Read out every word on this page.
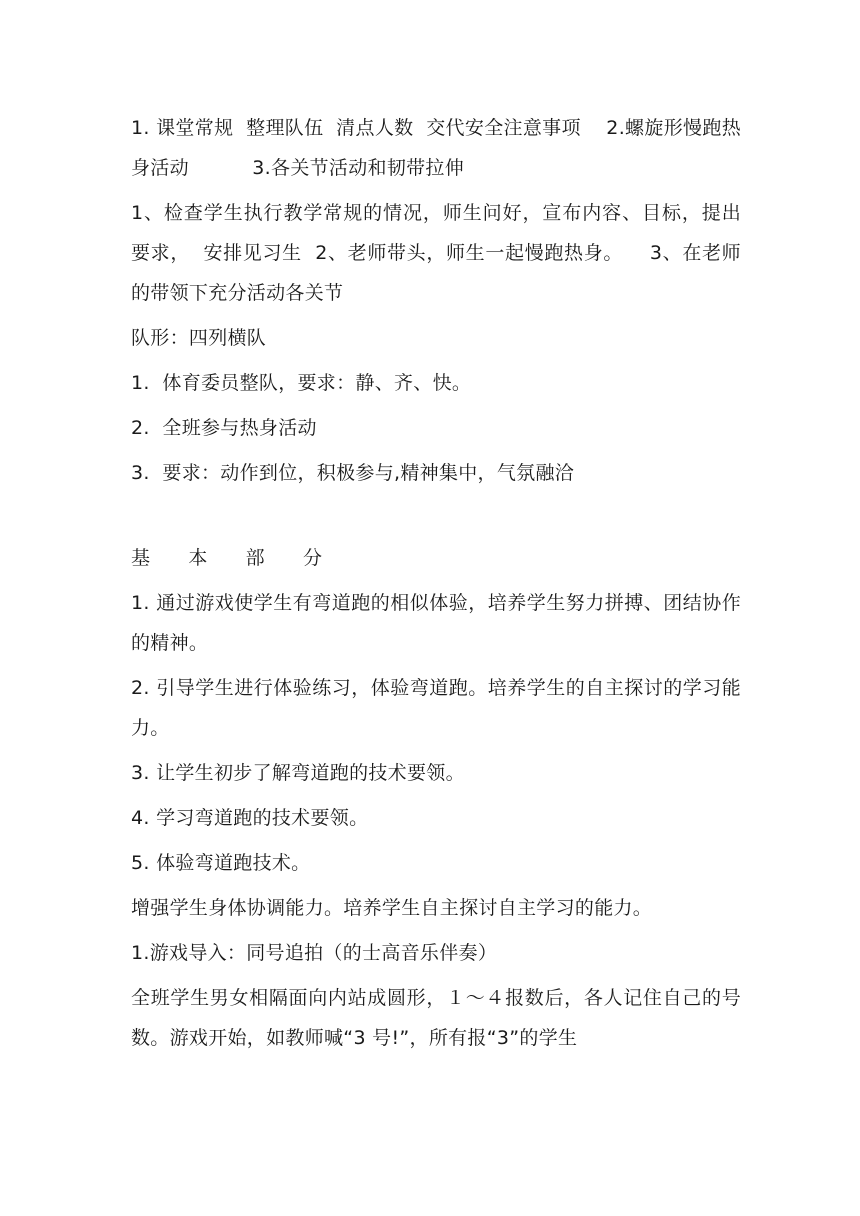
1. 课堂常规  整理队伍  清点人数  交代安全注意事项    2.螺旋形慢跑热身活动          3.各关节活动和韧带拉伸

1、检查学生执行教学常规的情况，师生问好，宣布内容、目标，提出要求，  安排见习生  2、老师带头，师生一起慢跑热身。    3、在老师的带领下充分活动各关节

队形：四列横队

1.  体育委员整队，要求：静、齐、快。

2.  全班参与热身活动

3.  要求：动作到位，积极参与,精神集中，气氛融洽

基      本      部      分

1. 通过游戏使学生有弯道跑的相似体验，培养学生努力拼搏、团结协作的精神。

2. 引导学生进行体验练习，体验弯道跑。培养学生的自主探讨的学习能力。

3. 让学生初步了解弯道跑的技术要领。

4. 学习弯道跑的技术要领。

5. 体验弯道跑技术。

增强学生身体协调能力。培养学生自主探讨自主学习的能力。

1.游戏导入：同号追拍（的士高音乐伴奏）

全班学生男女相隔面向内站成圆形，１～４报数后，各人记住自己的号数。游戏开始，如教师喊“3 号!”，所有报“3”的学生
